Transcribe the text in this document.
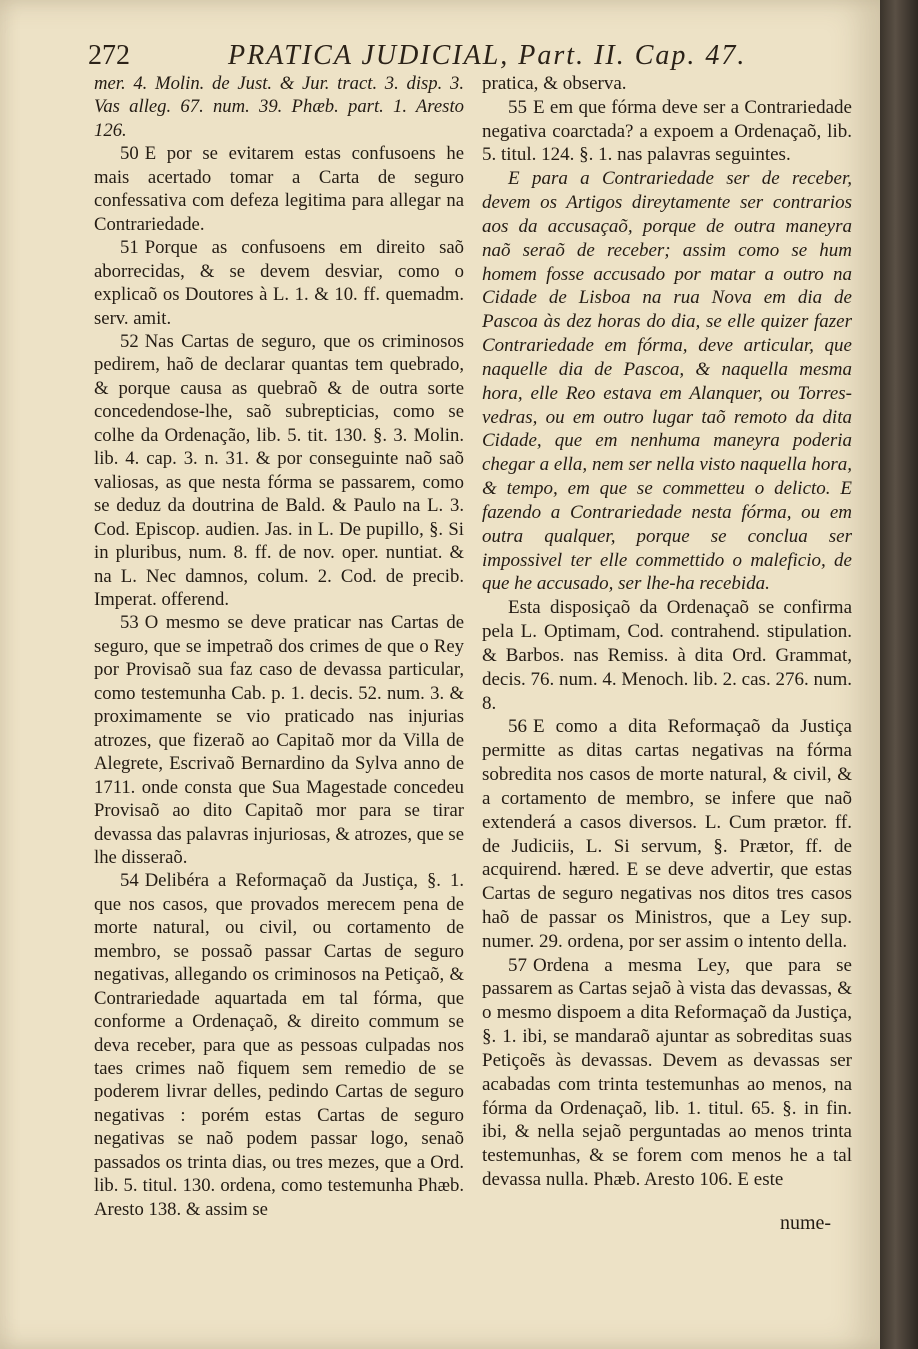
272	PRATICA JUDICIAL, Part. II. Cap. 47.

mer. 4. Molin. de Just. & Jur. tract. 3. disp. 3. Vas alleg. 67. num. 39. Phæb. part. 1. Aresto 126.

50 E por se evitarem estas confusoens he mais acertado tomar a Carta de seguro confessativa com defeza legitima para allegar na Contrariedade.

51 Porque as confusoens em direito saõ aborrecidas, & se devem desviar, como o explicaõ os Doutores à L. 1. & 10. ff. quemadm. serv. amit.

52 Nas Cartas de seguro, que os criminosos pedirem, haõ de declarar quantas tem quebrado, & porque causa as quebraõ & de outra sorte concedendose-lhe, saõ subrepticias, como se colhe da Ordenação, lib. 5. tit. 130. §. 3. Molin. lib. 4. cap. 3. n. 31. & por conseguinte naõ saõ valiosas, as que nesta fórma se passarem, como se deduz da doutrina de Bald. & Paulo na L. 3. Cod. Episcop. audien. Jas. in L. De pupillo, §. Si in pluribus, num. 8. ff. de nov. oper. nuntiat. & na L. Nec damnos, colum. 2. Cod. de precib. Imperat. offerend.

53 O mesmo se deve praticar nas Cartas de seguro, que se impetraõ dos crimes de que o Rey por Provisaõ sua faz caso de devassa particular, como testemunha Cab. p. 1. decis. 52. num. 3. & proximamente se vio praticado nas injurias atrozes, que fizeraõ ao Capitaõ mor da Villa de Alegrete, Escrivaõ Bernardino da Sylva anno de 1711. onde consta que Sua Magestade concedeu Provisaõ ao dito Capitaõ mor para se tirar devassa das palavras injuriosas, & atrozes, que se lhe disseraõ.

54 Delibéra a Reformaçaõ da Justiça, §. 1. que nos casos, que provados merecem pena de morte natural, ou civil, ou cortamento de membro, se possaõ passar Cartas de seguro negativas, allegando os criminosos na Petiçaõ, & Contrariedade aquartada em tal fórma, que conforme a Ordenaçaõ, & direito commum se deva receber, para que as pessoas culpadas nos taes crimes naõ fiquem sem remedio de se poderem livrar delles, pedindo Cartas de seguro negativas : porém estas Cartas de seguro negativas se naõ podem passar logo, senaõ passados os trinta dias, ou tres mezes, que a Ord. lib. 5. titul. 130. ordena, como testemunha Phæb. Aresto 138. & assim se

pratica, & observa.

55 E em que fórma deve ser a Contrariedade negativa coarctada? a expoem a Ordenaçaõ, lib. 5. titul. 124. §. 1. nas palavras seguintes.

E para a Contrariedade ser de receber, devem os Artigos direytamente ser contrarios aos da accusaçaõ, porque de outra maneyra naõ seraõ de receber; assim como se hum homem fosse accusado por matar a outro na Cidade de Lisboa na rua Nova em dia de Pascoa às dez horas do dia, se elle quizer fazer Contrariedade em fórma, deve articular, que naquelle dia de Pascoa, & naquella mesma hora, elle Reo estava em Alanquer, ou Torres-vedras, ou em outro lugar taõ remoto da dita Cidade, que em nenhuma maneyra poderia chegar a ella, nem ser nella visto naquella hora, & tempo, em que se commetteu o delicto. E fazendo a Contrariedade nesta fórma, ou em outra qualquer, porque se conclua ser impossivel ter elle commettido o maleficio, de que he accusado, ser lhe-ha recebida.

Esta disposiçaõ da Ordenaçaõ se confirma pela L. Optimam, Cod. contrahend. stipulation. & Barbos. nas Remiss. à dita Ord. Grammat, decis. 76. num. 4. Menoch. lib. 2. cas. 276. num. 8.

56 E como a dita Reformaçaõ da Justiça permitte as ditas cartas negativas na fórma sobredita nos casos de morte natural, & civil, & a cortamento de membro, se infere que naõ extenderá a casos diversos. L. Cum prætor. ff. de Judiciis, L. Si servum, §. Prætor, ff. de acquirend. hæred. E se deve advertir, que estas Cartas de seguro negativas nos ditos tres casos haõ de passar os Ministros, que a Ley sup. numer. 29. ordena, por ser assim o intento della.

57 Ordena a mesma Ley, que para se passarem as Cartas sejaõ à vista das devassas, & o mesmo dispoem a dita Reformaçaõ da Justiça, §. 1. ibi, se mandaraõ ajuntar as sobreditas suas Petiçoẽs às devassas. Devem as devassas ser acabadas com trinta testemunhas ao menos, na fórma da Ordenaçaõ, lib. 1. titul. 65. §. in fin. ibi, & nella sejaõ perguntadas ao menos trinta testemunhas, & se forem com menos he a tal devassa nulla. Phæb. Aresto 106. E este

nume-
